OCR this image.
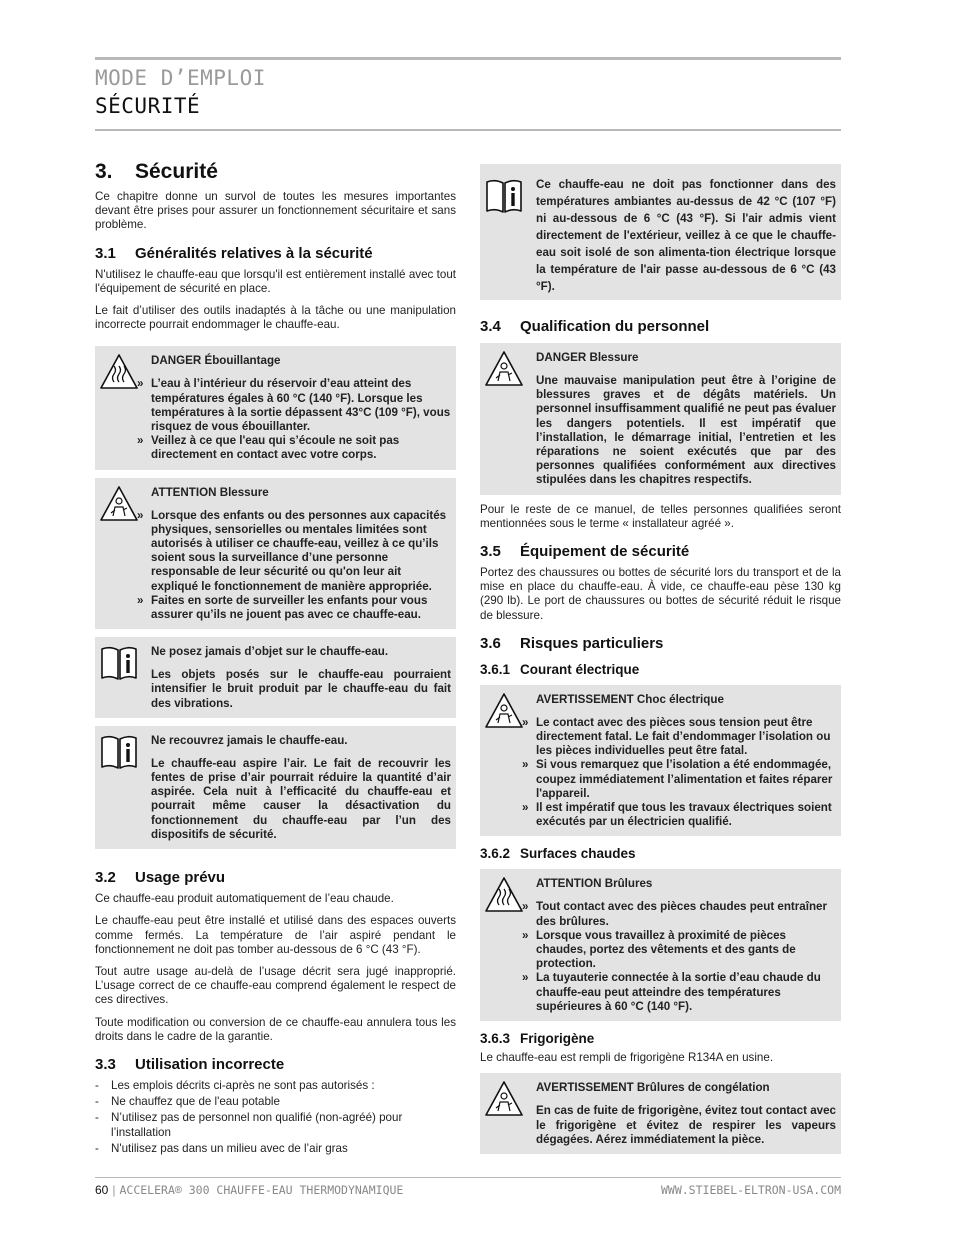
MODE D’EMPLOI
SÉCURITÉ
3.	Sécurité

Ce chapitre donne un survol de toutes les mesures importantes devant être prises pour assurer un fonctionnement sécuritaire et sans problème.

3.1	Généralités relatives à la sécurité

N'utilisez le chauffe-eau que lorsqu'il est entièrement installé avec tout l'équipement de sécurité en place.

Le fait d’utiliser des outils inadaptés à la tâche ou une manipulation incorrecte pourrait endommager le chauffe-eau.

DANGER Ébouillantage
» L’eau à l’intérieur du réservoir d’eau atteint des températures égales à 60 °C (140 °F). Lorsque les températures à la sortie dépassent 43°C (109 °F), vous risquez de vous ébouillanter.
» Veillez à ce que l'eau qui s’écoule ne soit pas directement en contact avec votre corps.
ATTENTION Blessure
» Lorsque des enfants ou des personnes aux capacités physiques, sensorielles ou mentales limitées sont autorisés à utiliser ce chauffe-eau, veillez à ce qu’ils soient sous la surveillance d’une personne responsable de leur sécurité ou qu'on leur ait expliqué le fonctionnement de manière appropriée.
» Faites en sorte de surveiller les enfants pour vous assurer qu’ils ne jouent pas avec ce chauffe-eau.
Ne posez jamais d’objet sur le chauffe-eau.
Les objets posés sur le chauffe-eau pourraient intensifier le bruit produit par le chauffe-eau du fait des vibrations.
Ne recouvrez jamais le chauffe-eau.
Le chauffe-eau aspire l’air. Le fait de recouvrir les fentes de prise d’air pourrait réduire la quantité d’air aspirée. Cela nuit à l’efficacité du chauffe-eau et pourrait même causer la désactivation du fonctionnement du chauffe-eau par l’un des dispositifs de sécurité.
3.2	Usage prévu

Ce chauffe-eau produit automatiquement de l’eau chaude.

Le chauffe-eau peut être installé et utilisé dans des espaces ouverts comme fermés. La température de l’air aspiré pendant le fonctionnement ne doit pas tomber au-dessous de 6 °C (43 °F).

Tout autre usage au-delà de l’usage décrit sera jugé inapproprié. L’usage correct de ce chauffe-eau comprend également le respect de ces directives.

Toute modification ou conversion de ce chauffe-eau annulera tous les droits dans le cadre de la garantie.

3.3	Utilisation incorrecte
- Les emplois décrits ci-après ne sont pas autorisés :
- Ne chauffez que de l'eau potable
- N’utilisez pas de personnel non qualifié (non-agréé) pour l’installation
- N'utilisez pas dans un milieu avec de l’air gras
Ce chauffe-eau ne doit pas fonctionner dans des températures ambiantes au-dessus de 42 °C (107 °F) ni au-dessous de 6 °C (43 °F). Si l'air admis vient directement de l'extérieur, veillez à ce que le chauffe-eau soit isolé de son alimenta-tion électrique lorsque la température de l'air passe au-dessous de 6 °C (43 °F).
3.4	Qualification du personnel
DANGER Blessure
Une mauvaise manipulation peut être à l’origine de blessures graves et de dégâts matériels. Un personnel insuffisamment qualifié ne peut pas évaluer les dangers potentiels. Il est impératif que l’installation, le démarrage initial, l’entretien et les réparations ne soient exécutés que par des personnes qualifiées conformément aux directives stipulées dans les chapitres respectifs.

Pour le reste de ce manuel, de telles personnes qualifiées seront mentionnées sous le terme « installateur agréé ».

3.5	Équipement de sécurité

Portez des chaussures ou bottes de sécurité lors du transport et de la mise en place du chauffe-eau. À vide, ce chauffe-eau pèse 130 kg (290 lb). Le port de chaussures ou bottes de sécurité réduit le risque de blessure.

3.6	Risques particuliers
3.6.1 Courant électrique
AVERTISSEMENT Choc électrique
» Le contact avec des pièces sous tension peut être directement fatal. Le fait d’endommager l’isolation ou les pièces individuelles peut être fatal.
» Si vous remarquez que l’isolation a été endommagée, coupez immédiatement l’alimentation et faites réparer l'appareil.
» Il est impératif que tous les travaux électriques soient exécutés par un électricien qualifié.
3.6.2 Surfaces chaudes
ATTENTION Brûlures
» Tout contact avec des pièces chaudes peut entraîner des brûlures.
» Lorsque vous travaillez à proximité de pièces chaudes, portez des vêtements et des gants de protection.
» La tuyauterie connectée à la sortie d’eau chaude du chauffe-eau peut atteindre des températures supérieures à 60 °C (140 °F).
3.6.3 Frigorigène

Le chauffe-eau est rempli de frigorigène R134A en usine.

AVERTISSEMENT Brûlures de congélation
En cas de fuite de frigorigène, évitez tout contact avec le frigorigène et évitez de respirer les vapeurs dégagées. Aérez immédiatement la pièce.
60 | ACCELERA® 300 CHAUFFE-EAU THERMODYNAMIQUE	WWW.STIEBEL-ELTRON-USA.COM
